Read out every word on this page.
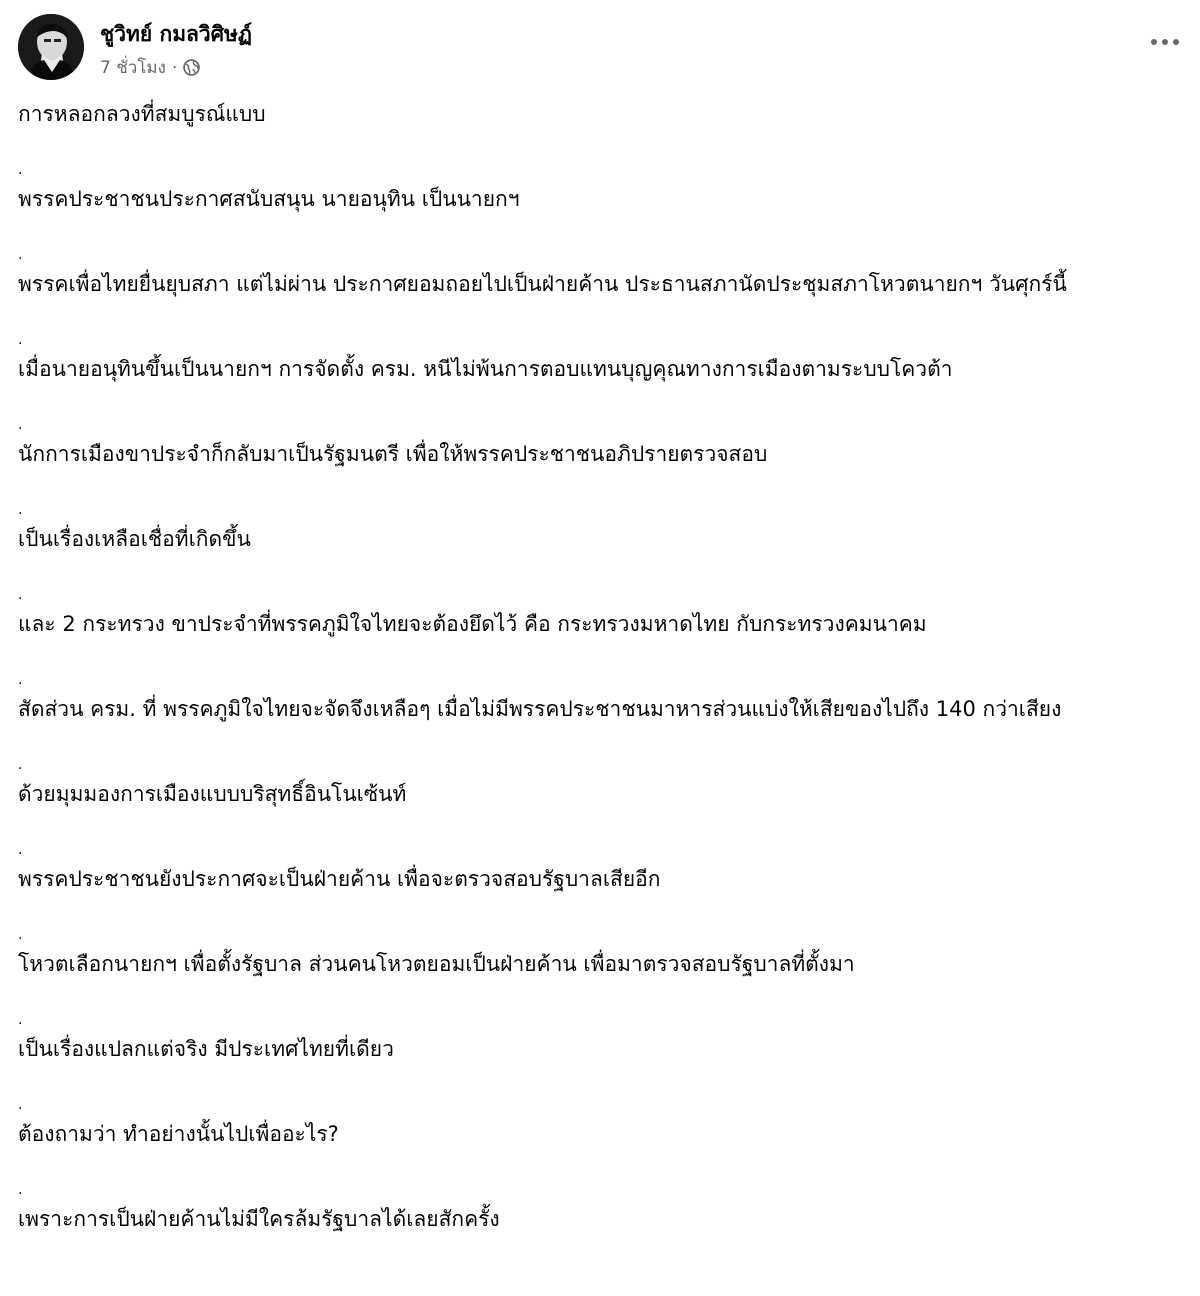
ชูวิทย์ กมลวิศิษฏ์
7 ชั่วโมง ·

การหลอกลวงที่สมบูรณ์แบบ

.

พรรคประชาชนประกาศสนับสนุน นายอนุทิน เป็นนายกฯ

.

พรรคเพื่อไทยยื่นยุบสภา แต่ไม่ผ่าน ประกาศยอมถอยไปเป็นฝ่ายค้าน ประธานสภานัดประชุมสภาโหวตนายกฯ วันศุกร์นี้

.

เมื่อนายอนุทินขึ้นเป็นนายกฯ การจัดตั้ง ครม. หนีไม่พ้นการตอบแทนบุญคุณทางการเมืองตามระบบโควต้า

.

นักการเมืองขาประจำก็กลับมาเป็นรัฐมนตรี เพื่อให้พรรคประชาชนอภิปรายตรวจสอบ

.

เป็นเรื่องเหลือเชื่อที่เกิดขึ้น

.

และ 2 กระทรวง ขาประจำที่พรรคภูมิใจไทยจะต้องยึดไว้ คือ กระทรวงมหาดไทย กับกระทรวงคมนาคม

.

สัดส่วน ครม. ที่ พรรคภูมิใจไทยจะจัดจึงเหลือๆ เมื่อไม่มีพรรคประชาชนมาหารส่วนแบ่งให้เสียของไปถึง 140 กว่าเสียง

.

ด้วยมุมมองการเมืองแบบบริสุทธิ์อินโนเซ้นท์

.

พรรคประชาชนยังประกาศจะเป็นฝ่ายค้าน เพื่อจะตรวจสอบรัฐบาลเสียอีก

.

โหวตเลือกนายกฯ เพื่อตั้งรัฐบาล ส่วนคนโหวตยอมเป็นฝ่ายค้าน เพื่อมาตรวจสอบรัฐบาลที่ตั้งมา

.

เป็นเรื่องแปลกแต่จริง มีประเทศไทยที่เดียว

.

ต้องถามว่า ทำอย่างนั้นไปเพื่ออะไร?

.

เพราะการเป็นฝ่ายค้านไม่มีใครล้มรัฐบาลได้เลยสักครั้ง
